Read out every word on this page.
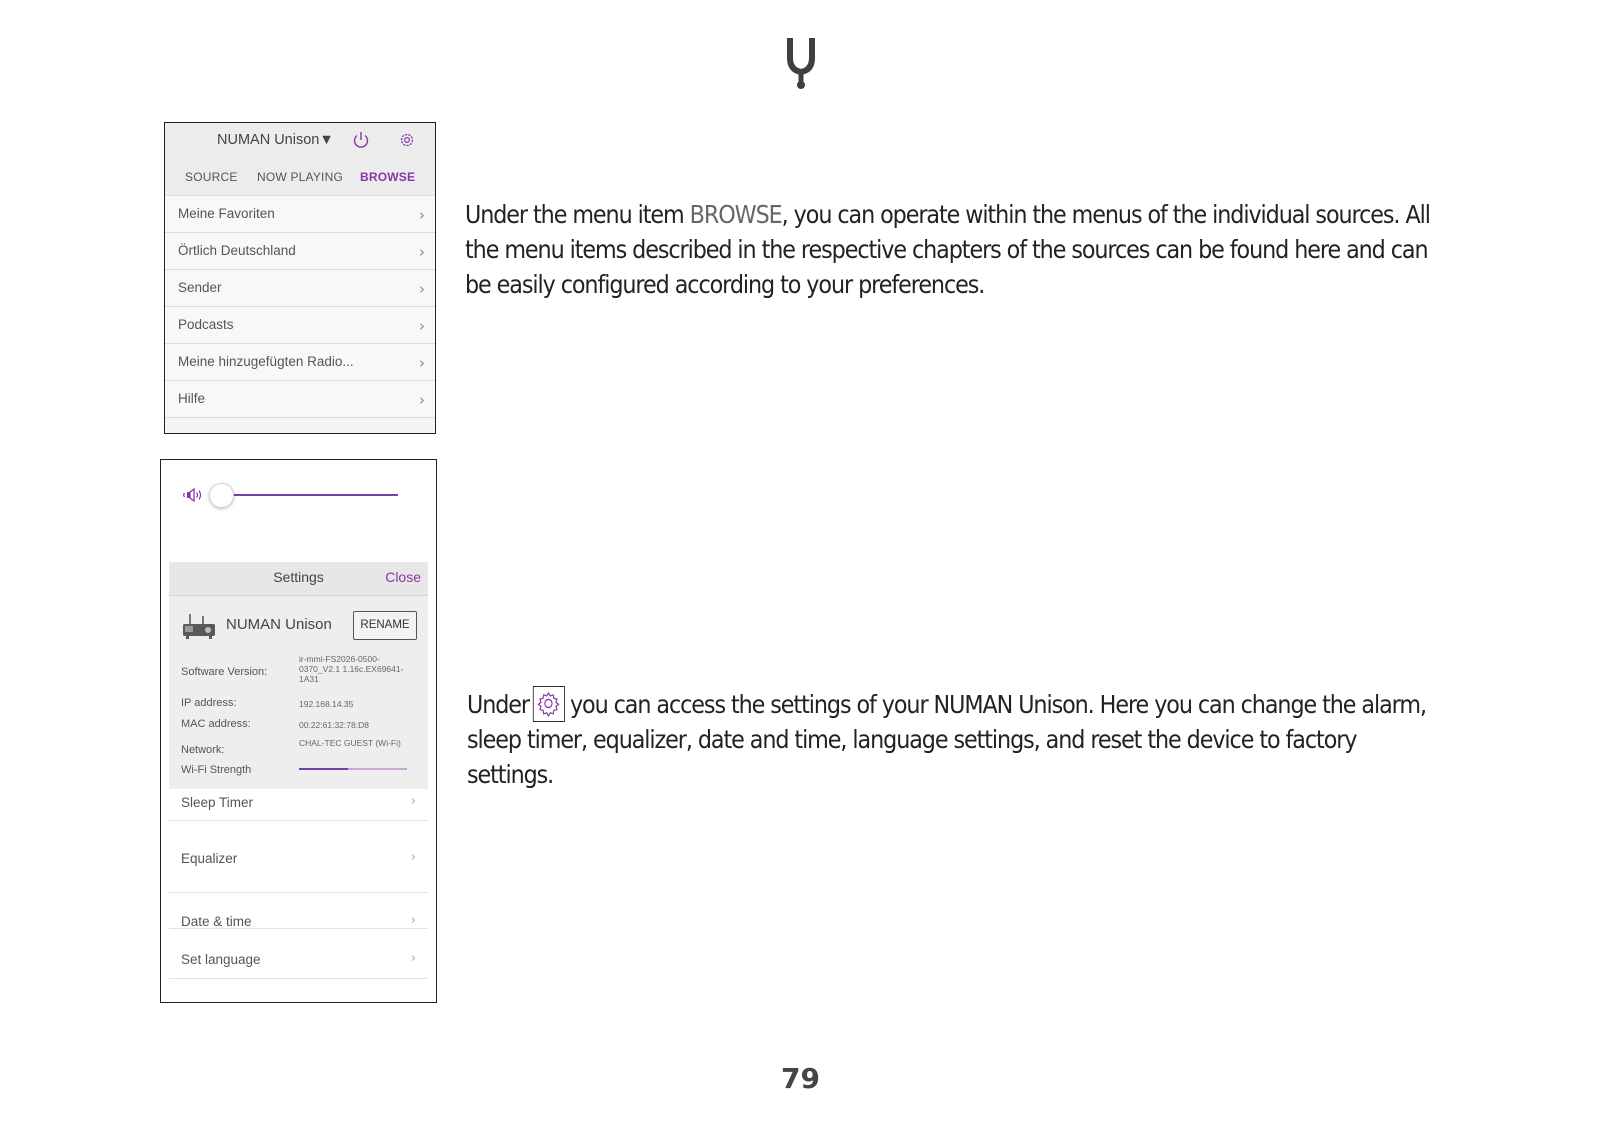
NUMAN Unison▼
SOURCE NOW PLAYING BROWSE
Meine Favoriten	›
Örtlich Deutschland	›
Sender	›
Podcasts	›
Meine hinzugefügten Radio...	›
Hilfe	›
Settings	Close
NUMAN Unison	RENAME
Software Version:
ir-mmi-FS2026-0500-0370_V2.1 1.16c.EX69641-1A31
IP address:	192.168.14.35
MAC address:	00:22:61:32:78:D8
Network:
CHAL-TEC GUEST (Wi-Fi)
Wi-Fi Strength
Sleep Timer	›
Equalizer	›
Date & time	›
Set language	›

Under the menu item BROWSE, you can operate within the menus of the individual sources. All the menu items described in the respective chapters of the sources can be found here and can be easily configured according to your preferences.

Under you can access the settings of your NUMAN Unison. Here you can change the alarm, sleep timer, equalizer, date and time, language settings, and reset the device to factory settings.

79
